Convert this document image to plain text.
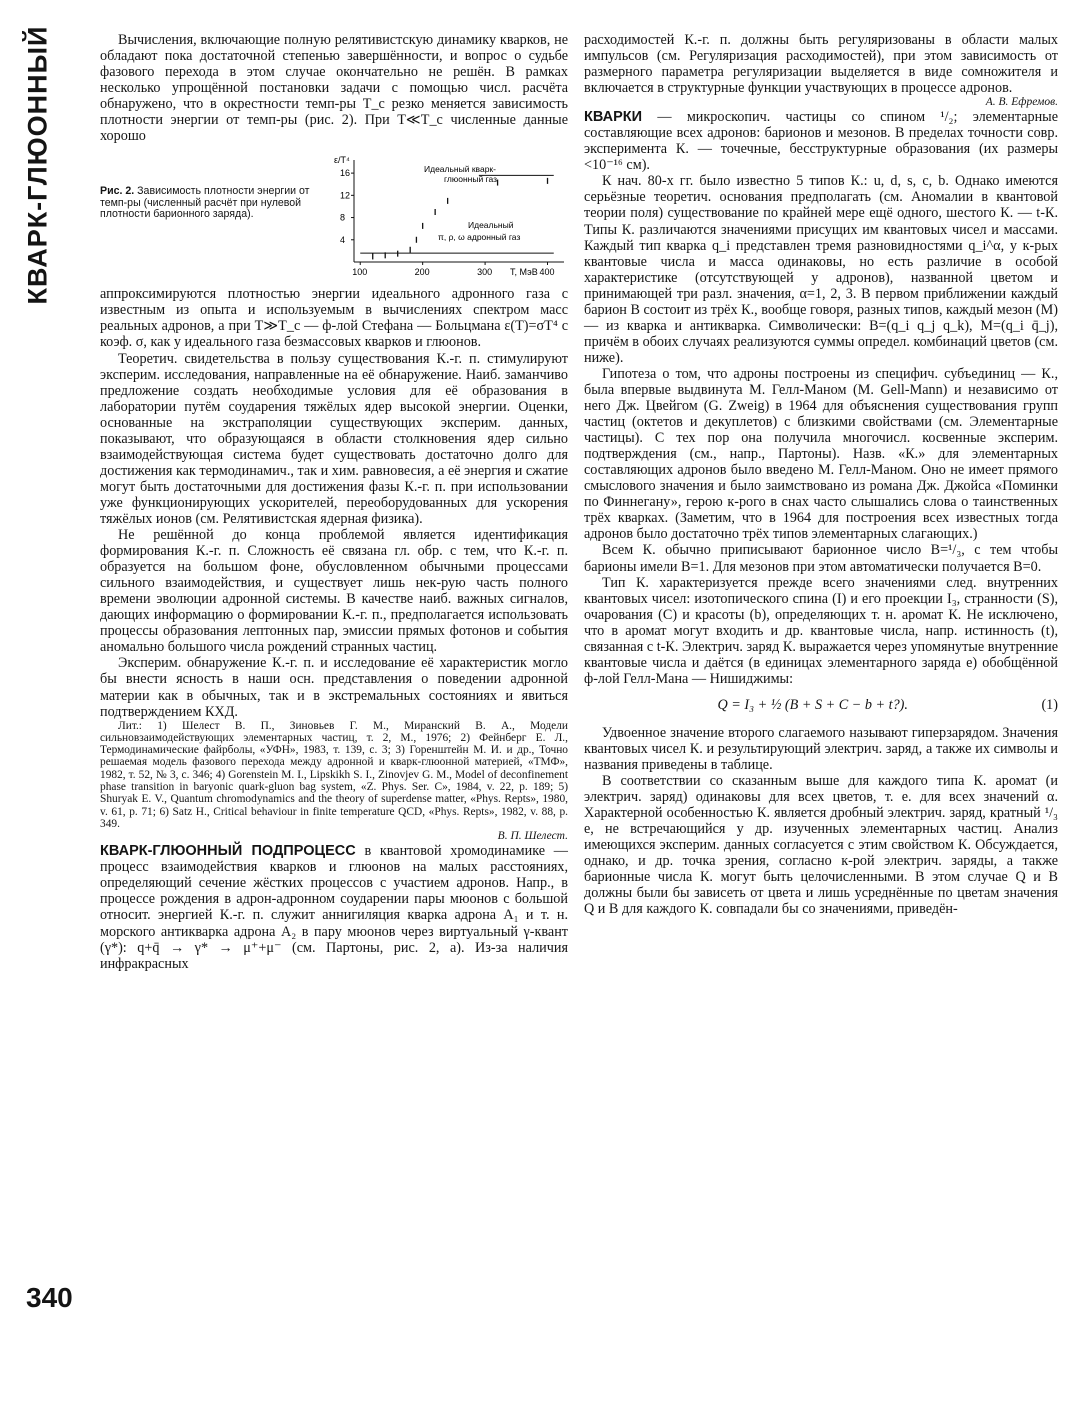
КВАРК-ГЛЮОННЫЙ
340

Вычисления, включающие полную релятивистскую динамику кварков, не обладают пока достаточной степенью завершённости, и вопрос о судьбе фазового перехода в этом случае окончательно не решён. В рамках несколько упрощённой постановки задачи с помощью числ. расчёта обнаружено, что в окрестности темп-ры T_c резко меняется зависимость плотности энергии от темп-ры (рис. 2). При T≪T_c численные данные хорошо

Рис. 2. Зависимость плотности энергии от темп-ры (численный расчёт при нулевой плотности барионного заряда).
ε/T⁴
T, МэВ
Идеальный кварк-
глюонный газ
Идеальный
π, ρ, ω адронный газ
100	200	300	400
4
8
12
16

аппроксимируются плотностью энергии идеального адронного газа с известным из опыта и используемым в вычислениях спектром масс реальных адронов, а при T≫T_c — ф-лой Стефана — Больцмана ε(T)=σT⁴ с коэф. σ, как у идеального газа безмассовых кварков и глюонов.

Теоретич. свидетельства в пользу существования К.-г. п. стимулируют эксперим. исследования, направленные на её обнаружение. Наиб. заманчиво предложение создать необходимые условия для её образования в лаборатории путём соударения тяжёлых ядер высокой энергии. Оценки, основанные на экстраполяции существующих эксперим. данных, показывают, что образующаяся в области столкновения ядер сильно взаимодействующая система будет существовать достаточно долго для достижения как термодинамич., так и хим. равновесия, а её энергия и сжатие могут быть достаточными для достижения фазы К.-г. п. при использовании уже функционирующих ускорителей, переоборудованных для ускорения тяжёлых ионов (см. Релятивистская ядерная физика).

Не решённой до конца проблемой является идентификация формирования К.-г. п. Сложность её связана гл. обр. с тем, что К.-г. п. образуется на большом фоне, обусловленном обычными процессами сильного взаимодействия, и существует лишь нек-рую часть полного времени эволюции адронной системы. В качестве наиб. важных сигналов, дающих информацию о формировании К.-г. п., предполагается использовать процессы образования лептонных пар, эмиссии прямых фотонов и события аномально большого числа рождений странных частиц.

Эксперим. обнаружение К.-г. п. и исследование её характеристик могло бы внести ясность в наши осн. представления о поведении адронной материи как в обычных, так и в экстремальных состояниях и явиться подтверждением КХД.

Лит.: 1) Шелест В. П., Зиновьев Г. М., Миранский В. А., Модели сильновзаимодействующих элементарных частиц, т. 2, М., 1976; 2) Фейнберг Е. Л., Термодинамические файрболы, «УФН», 1983, т. 139, с. 3; 3) Горенштейн М. И. и др., Точно решаемая модель фазового перехода между адронной и кварк-глюонной материей, «ТМФ», 1982, т. 52, № 3, с. 346; 4) Gorenstein M. I., Lipskikh S. I., Zinovjev G. M., Model of deconfinement phase transition in baryonic quark-gluon bag system, «Z. Phys. Ser. C», 1984, v. 22, p. 189; 5) Shuryak E. V., Quantum chromodynamics and the theory of superdense matter, «Phys. Repts», 1980, v. 61, p. 71; 6) Satz H., Critical behaviour in finite temperature QCD, «Phys. Repts», 1982, v. 88, p. 349.

В. П. Шелест.

КВАРК-ГЛЮОННЫЙ ПОДПРОЦЕСС в квантовой хромодинамике — процесс взаимодействия кварков и глюонов на малых расстояниях, определяющий сечение жёстких процессов с участием адронов. Напр., в процессе рождения в адрон-адронном соударении пары мюонов с большой относит. энергией К.-г. п. служит аннигиляция кварка адрона A₁ и т. н. морского антикварка адрона A₂ в пару мюонов через виртуальный γ-квант (γ*): q+q̄ → γ* → μ⁺+μ⁻ (см. Партоны, рис. 2, а). Из-за наличия инфракрасных

расходимостей К.-г. п. должны быть регуляризованы в области малых импульсов (см. Регуляризация расходимостей), при этом зависимость от размерного параметра регуляризации выделяется в виде сомножителя и включается в структурные функции участвующих в процессе адронов.

А. В. Ефремов.

КВАРКИ — микроскопич. частицы со спином ¹/₂; элементарные составляющие всех адронов: барионов и мезонов. В пределах точности совр. эксперимента К. — точечные, бесструктурные образования (их размеры <10⁻¹⁶ см).

К нач. 80-х гг. было известно 5 типов К.: u, d, s, c, b. Однако имеются серьёзные теоретич. основания предполагать (см. Аномалии в квантовой теории поля) существование по крайней мере ещё одного, шестого К. — t-К. Типы К. различаются значениями присущих им квантовых чисел и массами. Каждый тип кварка q_i представлен тремя разновидностями q_i^α, у к-рых квантовые числа и масса одинаковы, но есть различие в особой характеристике (отсутствующей у адронов), названной цветом и принимающей три разл. значения, α=1, 2, 3. В первом приближении каждый барион B состоит из трёх К., вообще говоря, разных типов, каждый мезон (M) — из кварка и антикварка. Символически: B=(q_i q_j q_k), M=(q_i q̄_j), причём в обоих случаях реализуются суммы определ. комбинаций цветов (см. ниже).

Гипотеза о том, что адроны построены из специфич. субъединиц — К., была впервые выдвинута М. Гелл-Маном (M. Gell-Mann) и независимо от него Дж. Цвейгом (G. Zweig) в 1964 для объяснения существования групп частиц (октетов и декуплетов) с близкими свойствами (см. Элементарные частицы). С тех пор она получила многочисл. косвенные эксперим. подтверждения (см., напр., Партоны). Назв. «К.» для элементарных составляющих адронов было введено М. Гелл-Маном. Оно не имеет прямого смыслового значения и было заимствовано из романа Дж. Джойса «Поминки по Финнегану», герою к-рого в снах часто слышались слова о таинственных трёх кварках. (Заметим, что в 1964 для построения всех известных тогда адронов было достаточно трёх типов элементарных слагающих.)

Всем К. обычно приписывают барионное число B=¹/₃, с тем чтобы барионы имели B=1. Для мезонов при этом автоматически получается B=0.

Тип К. характеризуется прежде всего значениями след. внутренних квантовых чисел: изотопического спина (I) и его проекции I₃, странности (S), очарования (C) и красоты (b), определяющих т. н. аромат К. Не исключено, что в аромат могут входить и др. квантовые числа, напр. истинность (t), связанная с t-К. Электрич. заряд К. выражается через упомянутые внутренние квантовые числа и даётся (в единицах элементарного заряда e) обобщённой ф-лой Гелл-Мана — Нишиджимы:

Q = I₃ + ½ (B + S + C − b + t?).	(1)

Удвоенное значение второго слагаемого называют гиперзарядом. Значения квантовых чисел К. и результирующий электрич. заряд, а также их символы и названия приведены в таблице.

В соответствии со сказанным выше для каждого типа К. аромат (и электрич. заряд) одинаковы для всех цветов, т. е. для всех значений α. Характерной особенностью К. является дробный электрич. заряд, кратный ¹/₃ e, не встречающийся у др. изученных элементарных частиц. Анализ имеющихся эксперим. данных согласуется с этим свойством К. Обсуждается, однако, и др. точка зрения, согласно к-рой электрич. заряды, а также барионные числа К. могут быть целочисленными. В этом случае Q и B должны были бы зависеть от цвета и лишь усреднённые по цветам значения Q и B для каждого К. совпадали бы со значениями, приведён-
